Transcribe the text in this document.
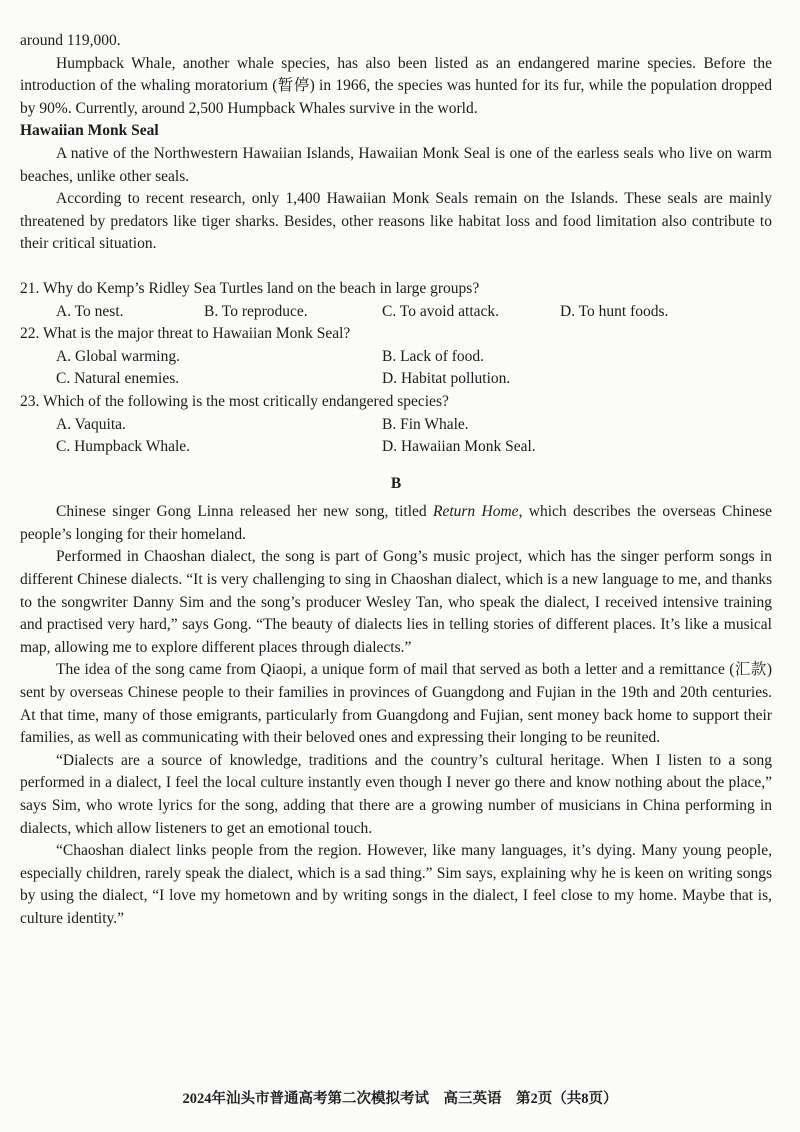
around 119,000.

Humpback Whale, another whale species, has also been listed as an endangered marine species. Before the introduction of the whaling moratorium (暂停) in 1966, the species was hunted for its fur, while the population dropped by 90%. Currently, around 2,500 Humpback Whales survive in the world.

Hawaiian Monk Seal

A native of the Northwestern Hawaiian Islands, Hawaiian Monk Seal is one of the earless seals who live on warm beaches, unlike other seals.

According to recent research, only 1,400 Hawaiian Monk Seals remain on the Islands. These seals are mainly threatened by predators like tiger sharks. Besides, other reasons like habitat loss and food limitation also contribute to their critical situation.

21. Why do Kemp’s Ridley Sea Turtles land on the beach in large groups?

A. To nest.	B. To reproduce.	C. To avoid attack.	D. To hunt foods.

22. What is the major threat to Hawaiian Monk Seal?

A. Global warming.	B. Lack of food.
C. Natural enemies.	D. Habitat pollution.

23. Which of the following is the most critically endangered species?

A. Vaquita.	B. Fin Whale.
C. Humpback Whale.	D. Hawaiian Monk Seal.

B

Chinese singer Gong Linna released her new song, titled Return Home, which describes the overseas Chinese people’s longing for their homeland.

Performed in Chaoshan dialect, the song is part of Gong’s music project, which has the singer perform songs in different Chinese dialects. “It is very challenging to sing in Chaoshan dialect, which is a new language to me, and thanks to the songwriter Danny Sim and the song’s producer Wesley Tan, who speak the dialect, I received intensive training and practised very hard,” says Gong. “The beauty of dialects lies in telling stories of different places. It’s like a musical map, allowing me to explore different places through dialects.”

The idea of the song came from Qiaopi, a unique form of mail that served as both a letter and a remittance (汇款) sent by overseas Chinese people to their families in provinces of Guangdong and Fujian in the 19th and 20th centuries. At that time, many of those emigrants, particularly from Guangdong and Fujian, sent money back home to support their families, as well as communicating with their beloved ones and expressing their longing to be reunited.

“Dialects are a source of knowledge, traditions and the country’s cultural heritage. When I listen to a song performed in a dialect, I feel the local culture instantly even though I never go there and know nothing about the place,” says Sim, who wrote lyrics for the song, adding that there are a growing number of musicians in China performing in dialects, which allow listeners to get an emotional touch.

“Chaoshan dialect links people from the region. However, like many languages, it’s dying. Many young people, especially children, rarely speak the dialect, which is a sad thing.” Sim says, explaining why he is keen on writing songs by using the dialect, “I love my hometown and by writing songs in the dialect, I feel close to my home. Maybe that is, culture identity.”

2024年汕头市普通高考第二次模拟考试　高三英语　第2页（共8页）
